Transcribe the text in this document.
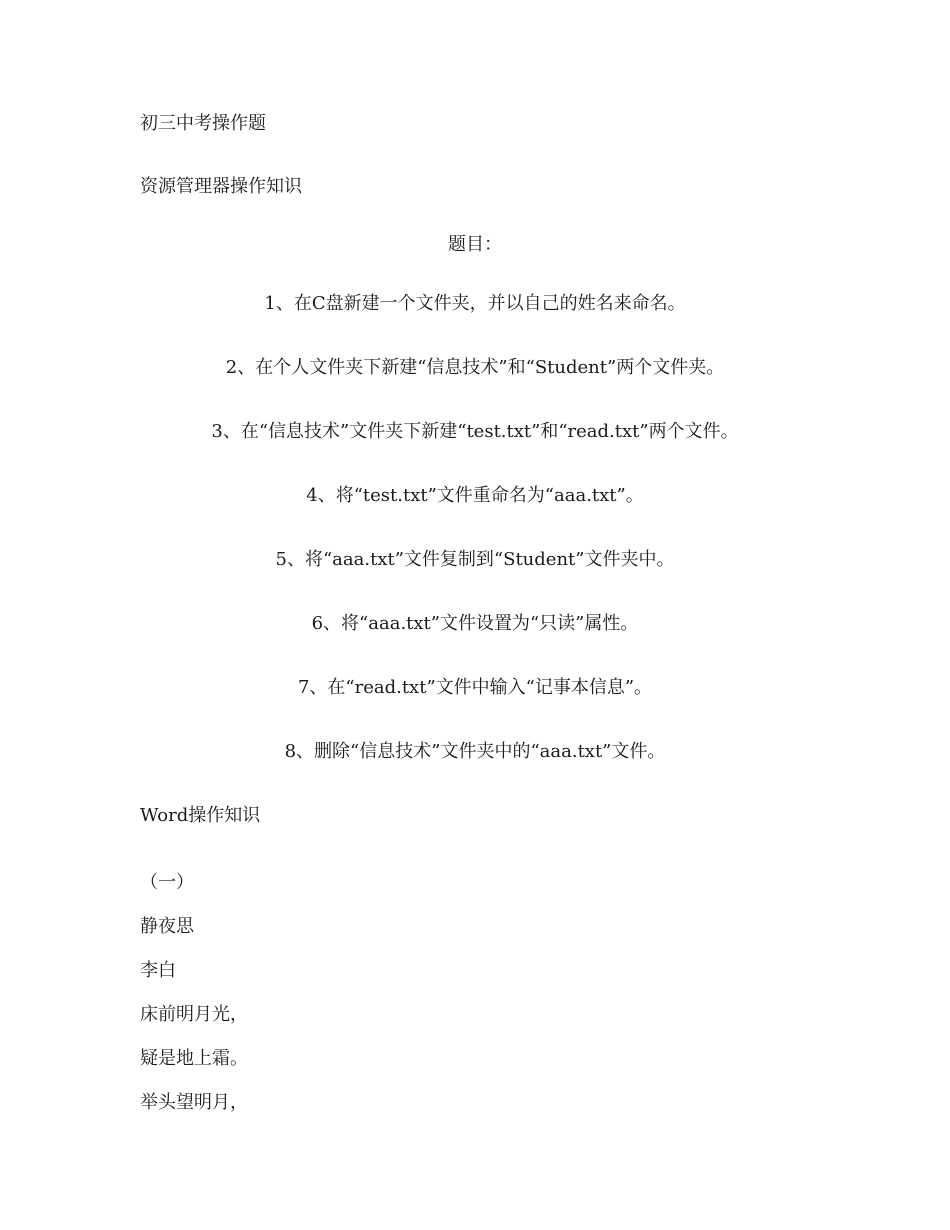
初三中考操作题
资源管理器操作知识
题目：
1、在C盘新建一个文件夹，并以自己的姓名来命名。
2、在个人文件夹下新建“信息技术”和“Student”两个文件夹。
3、在“信息技术”文件夹下新建“test.txt”和“read.txt”两个文件。
4、将“test.txt”文件重命名为“aaa.txt”。
5、将“aaa.txt”文件复制到“Student”文件夹中。
6、将“aaa.txt”文件设置为“只读”属性。
7、在“read.txt”文件中输入“记事本信息”。
8、删除“信息技术”文件夹中的“aaa.txt”文件。
Word操作知识
（一）
静夜思
李白
床前明月光，
疑是地上霜。
举头望明月，
